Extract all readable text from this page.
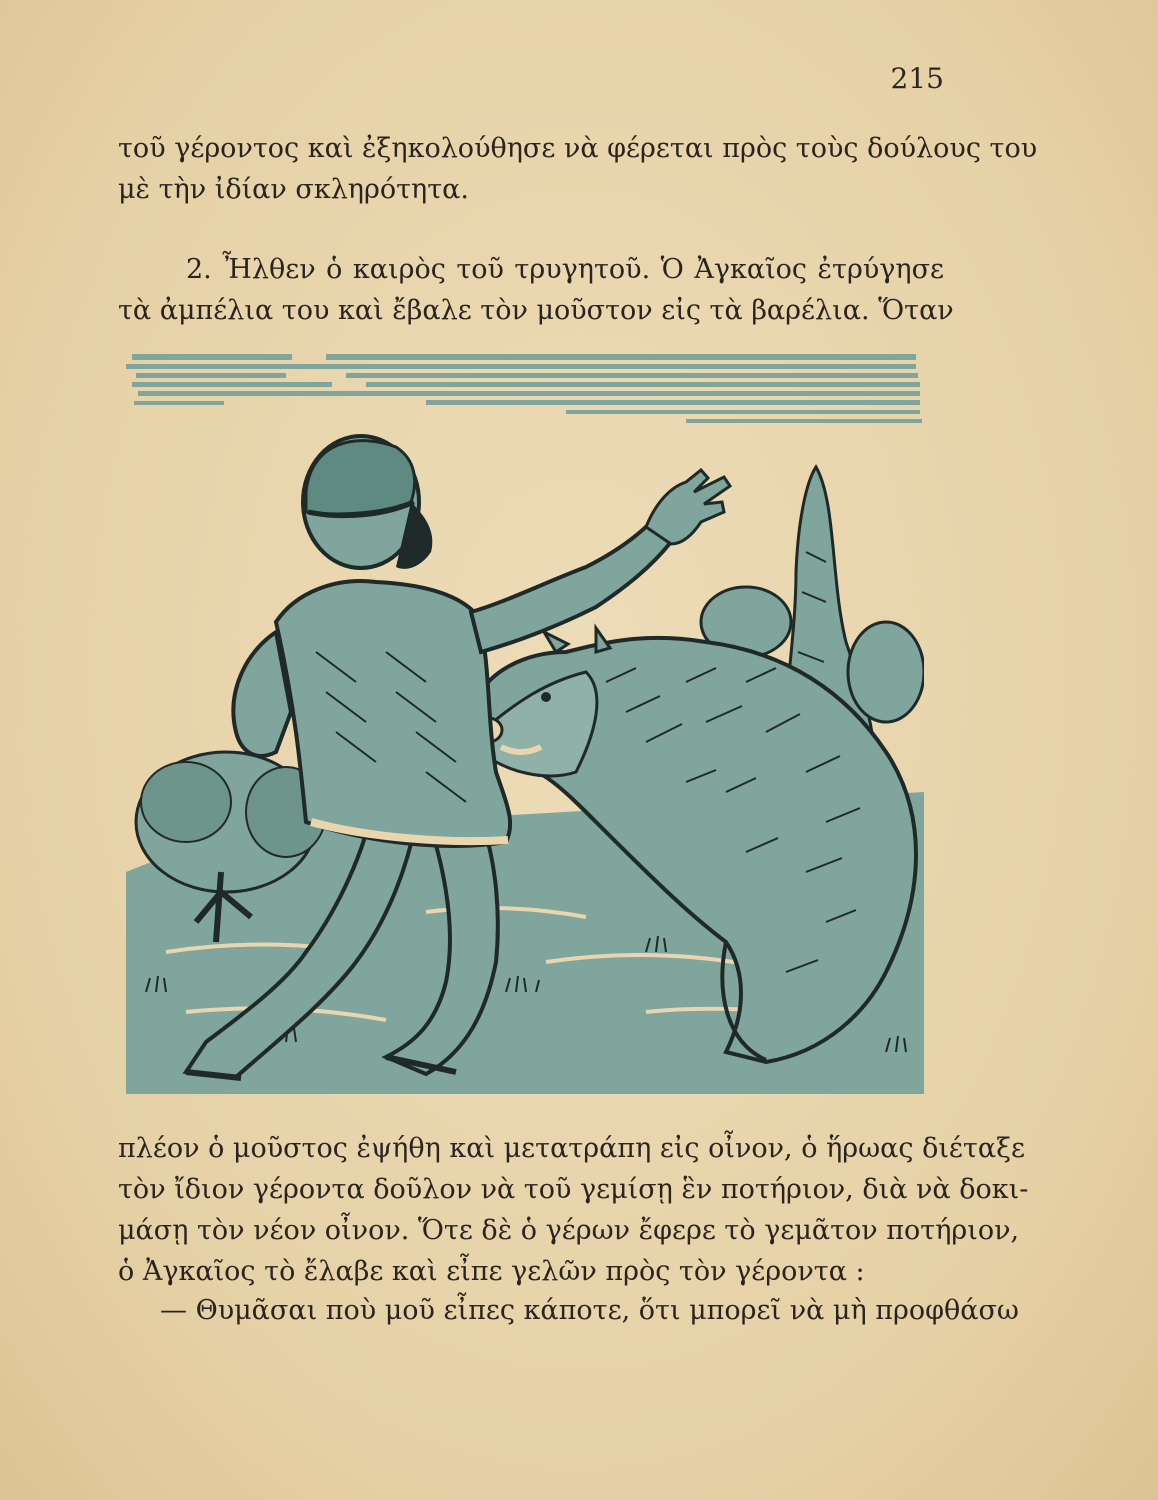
215
τοῦ γέροντος καὶ ἐξηκολούθησε νὰ φέρεται πρὸς τοὺς δούλους του
μὲ τὴν ἰδίαν σκληρότητα.
2. Ἦλθεν ὁ καιρὸς τοῦ τρυγητοῦ. Ὁ Ἀγκαῖος ἐτρύγησε
τὰ ἀμπέλια του καὶ ἔβαλε τὸν μοῦστον εἰς τὰ βαρέλια. Ὅταν
πλέον ὁ μοῦστος ἐψήθη καὶ μετατράπη εἰς οἶνον, ὁ ἥρωας διέταξε
τὸν ἴδιον γέροντα δοῦλον νὰ τοῦ γεμίσῃ ἓν ποτήριον, διὰ νὰ δοκι-
μάσῃ τὸν νέον οἶνον. Ὅτε δὲ ὁ γέρων ἔφερε τὸ γεμᾶτον ποτήριον,
ὁ Ἀγκαῖος τὸ ἔλαβε καὶ εἶπε γελῶν πρὸς τὸν γέροντα :
— Θυμᾶσαι ποὺ μοῦ εἶπες κάποτε, ὅτι μπορεῖ νὰ μὴ προφθάσω
